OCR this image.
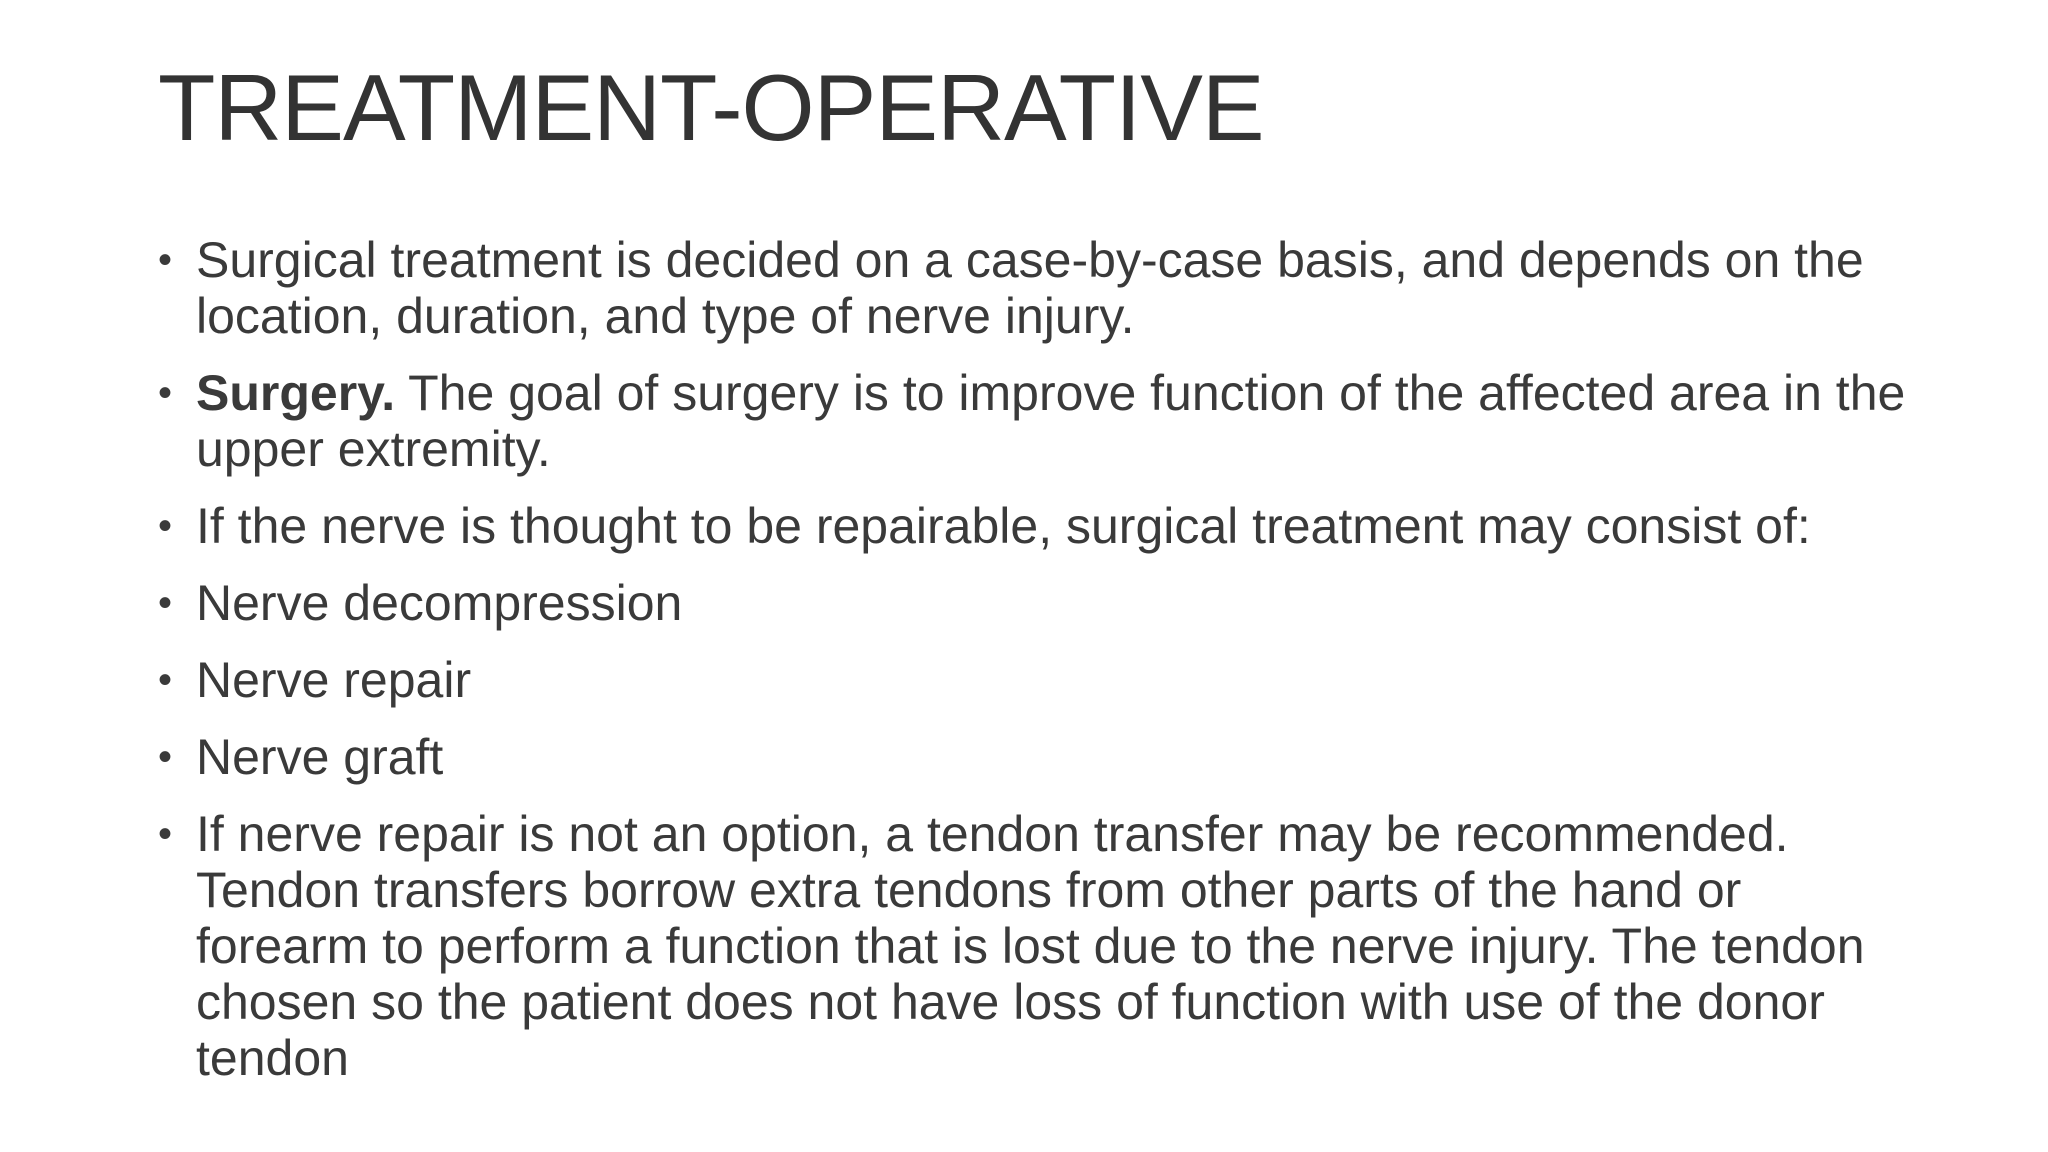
TREATMENT-OPERATIVE
• Surgical treatment is decided on a case-by-case basis, and depends on the location, duration, and type of nerve injury.
• Surgery. The goal of surgery is to improve function of the affected area in the upper extremity.
• If the nerve is thought to be repairable, surgical treatment may consist of:
• Nerve decompression
• Nerve repair
• Nerve graft
• If nerve repair is not an option, a tendon transfer may be recommended. Tendon transfers borrow extra tendons from other parts of the hand or forearm to perform a function that is lost due to the nerve injury. The tendon chosen so the patient does not have loss of function with use of the donor tendon
